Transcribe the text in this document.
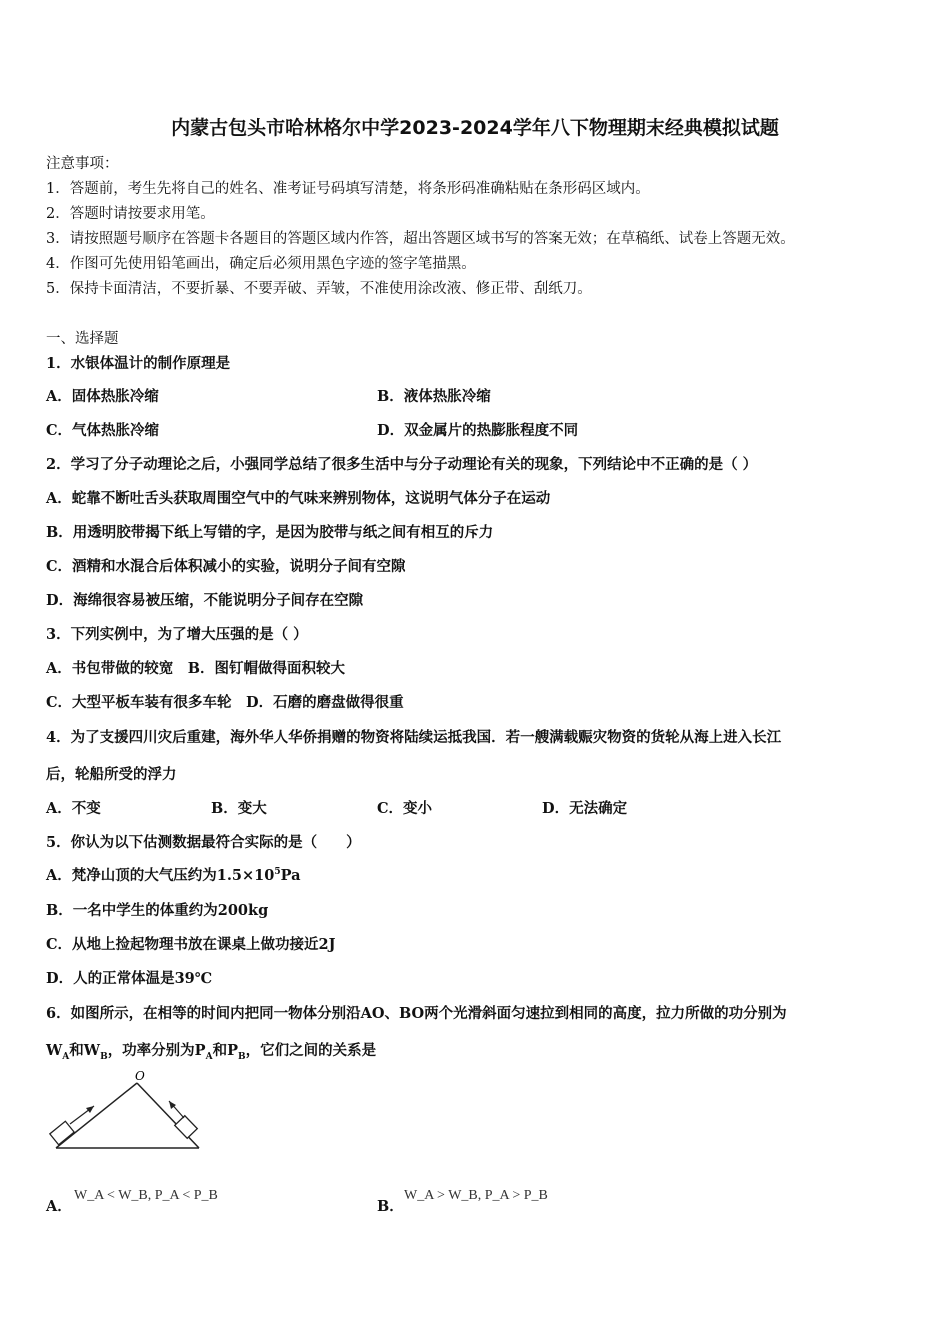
内蒙古包头市哈林格尔中学2023-2024学年八下物理期末经典模拟试题
注意事项：
1．答题前，考生先将自己的姓名、准考证号码填写清楚，将条形码准确粘贴在条形码区域内。
2．答题时请按要求用笔。
3．请按照题号顺序在答题卡各题目的答题区域内作答，超出答题区域书写的答案无效；在草稿纸、试卷上答题无效。
4．作图可先使用铅笔画出，确定后必须用黑色字迹的签字笔描黑。
5．保持卡面清洁，不要折暴、不要弄破、弄皱，不准使用涂改液、修正带、刮纸刀。
一、选择题
1．水银体温计的制作原理是
A．固体热胀冷缩	B．液体热胀冷缩
C．气体热胀冷缩	D．双金属片的热膨胀程度不同
2．学习了分子动理论之后，小强同学总结了很多生活中与分子动理论有关的现象，下列结论中不正确的是（ ）
A．蛇靠不断吐舌头获取周围空气中的气味来辨别物体，这说明气体分子在运动
B．用透明胶带揭下纸上写错的字，是因为胶带与纸之间有相互的斥力
C．酒精和水混合后体积减小的实验，说明分子间有空隙
D．海绵很容易被压缩，不能说明分子间存在空隙
3．下列实例中，为了增大压强的是（ ）
A．书包带做的较宽　B．图钉帽做得面积较大
C．大型平板车装有很多车轮　D．石磨的磨盘做得很重
4．为了支援四川灾后重建，海外华人华侨捐赠的物资将陆续运抵我国．若一艘满载赈灾物资的货轮从海上进入长江
后，轮船所受的浮力
A．不变	B．变大	C．变小	D．无法确定
5．你认为以下估测数据最符合实际的是（　　）
A．梵净山顶的大气压约为$1.5\times 10^5Pa$
B．一名中学生的体重约为200kg
C．从地上捡起物理书放在课桌上做功接近2J
D．人的正常体温是39℃
6．如图所示，在相等的时间内把同一物体分别沿AO、BO两个光滑斜面匀速拉到相同的高度，拉力所做的功分别为
$W_A$和$W_B$，功率分别为$P_A$和$P_B$，它们之间的关系是
O
A．
W_A < W_B, P_A < P_B
B．
W_A > W_B, P_A > P_B
